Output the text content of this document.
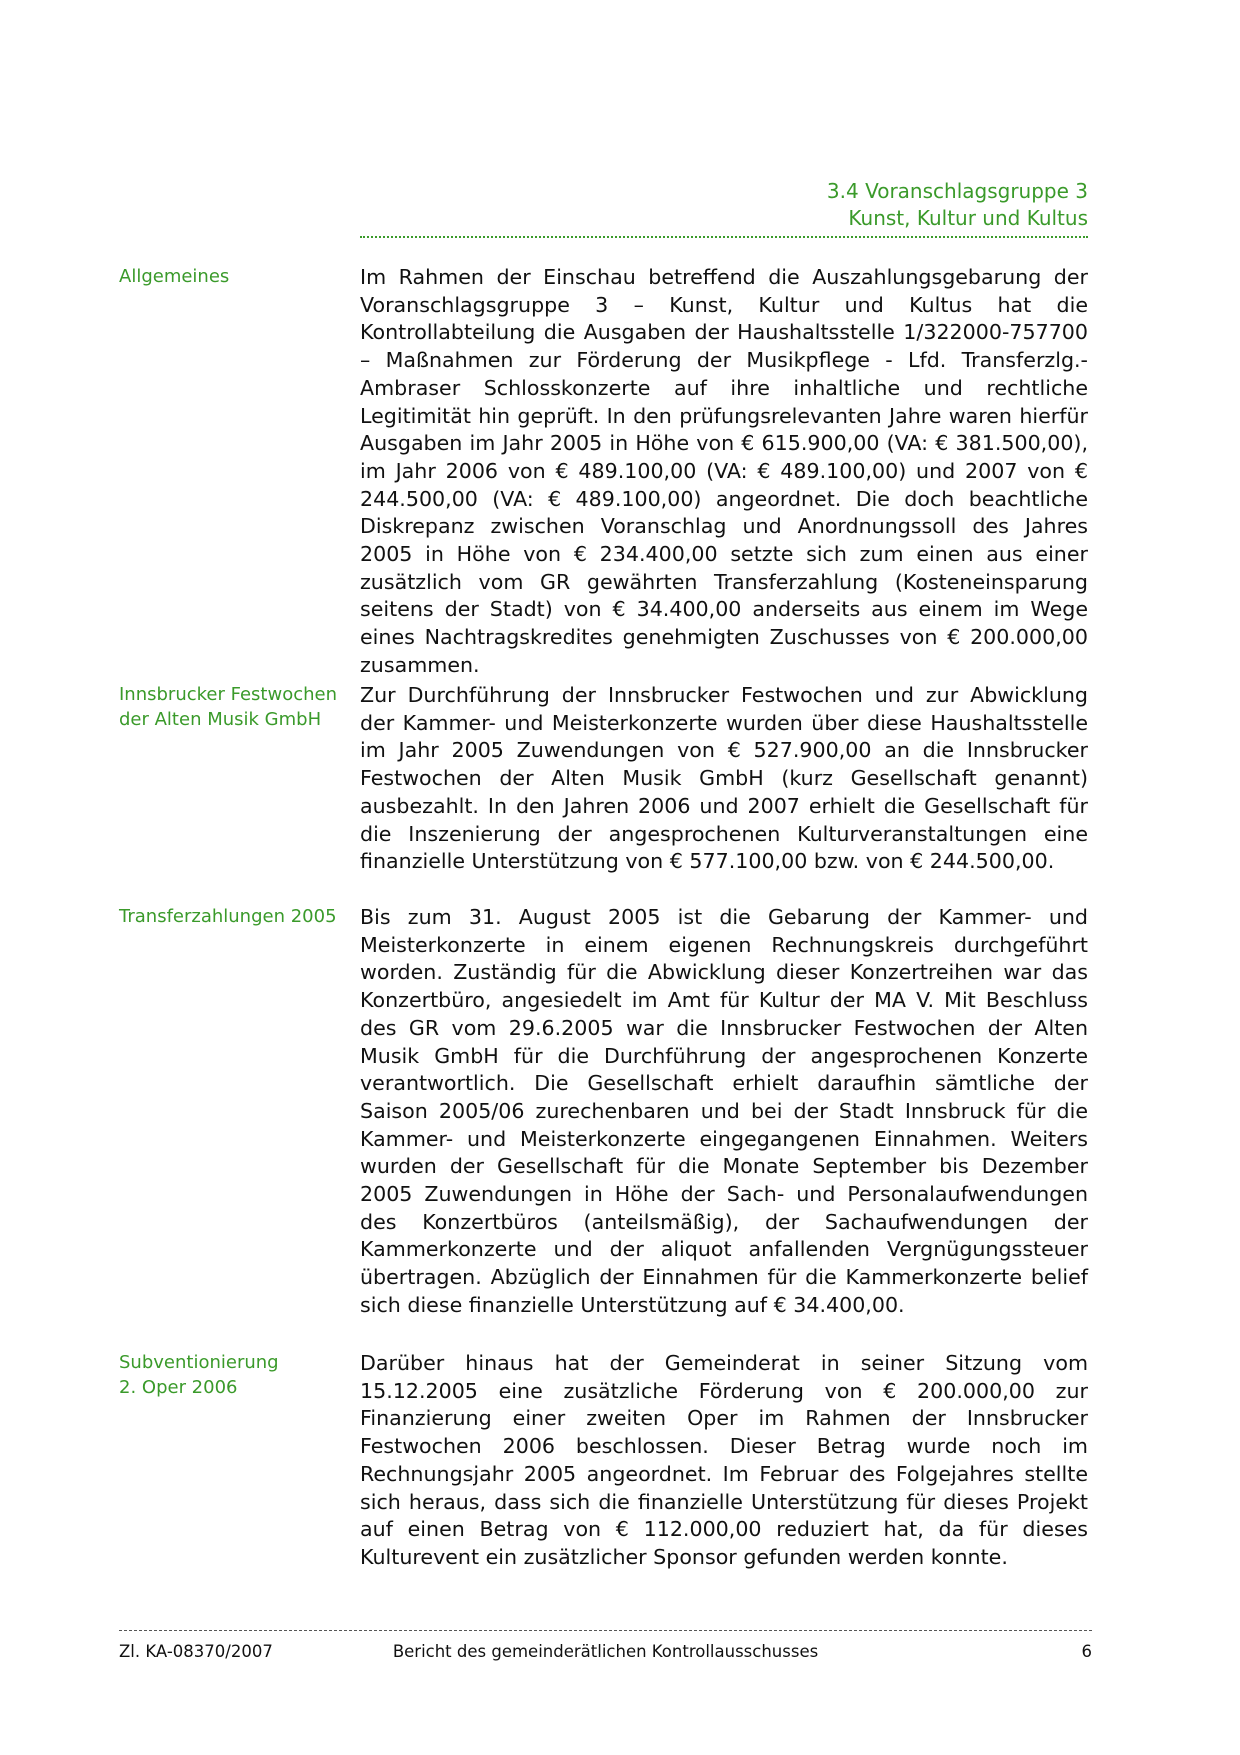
3.4 Voranschlagsgruppe 3
Kunst, Kultur und Kultus
Allgemeines	Im Rahmen der Einschau betreffend die Auszahlungsgebarung der Voranschlagsgruppe 3 – Kunst, Kultur und Kultus hat die Kontrollabteilung die Ausgaben der Haushaltsstelle 1/322000-757700 – Maßnahmen zur Förderung der Musikpflege - Lfd. Transferzlg.-Ambraser Schlosskonzerte auf ihre inhaltliche und rechtliche Legitimität hin geprüft. In den prüfungsrelevanten Jahre waren hierfür Ausgaben im Jahr 2005 in Höhe von € 615.900,00 (VA: € 381.500,00), im Jahr 2006 von € 489.100,00 (VA: € 489.100,00) und 2007 von € 244.500,00 (VA: € 489.100,00) angeordnet. Die doch beachtliche Diskrepanz zwischen Voranschlag und Anordnungssoll des Jahres 2005 in Höhe von € 234.400,00 setzte sich zum einen aus einer zusätzlich vom GR gewährten Transferzahlung (Kosteneinsparung seitens der Stadt) von € 34.400,00 anderseits aus einem im Wege eines Nachtragskredites genehmigten Zuschusses von € 200.000,00 zusammen.

Innsbrucker Festwochen
der Alten Musik GmbH

Zur Durchführung der Innsbrucker Festwochen und zur Abwicklung der Kammer- und Meisterkonzerte wurden über diese Haushaltsstelle im Jahr 2005 Zuwendungen von € 527.900,00 an die Innsbrucker Festwochen der Alten Musik GmbH (kurz Gesellschaft genannt) ausbezahlt. In den Jahren 2006 und 2007 erhielt die Gesellschaft für die Inszenierung der angesprochenen Kulturveranstaltungen eine finanzielle Unterstützung von € 577.100,00 bzw. von € 244.500,00.

Transferzahlungen 2005	Bis zum 31. August 2005 ist die Gebarung der Kammer- und Meisterkonzerte in einem eigenen Rechnungskreis durchgeführt worden. Zuständig für die Abwicklung dieser Konzertreihen war das Konzertbüro, angesiedelt im Amt für Kultur der MA V. Mit Beschluss des GR vom 29.6.2005 war die Innsbrucker Festwochen der Alten Musik GmbH für die Durchführung der angesprochenen Konzerte verantwortlich. Die Gesellschaft erhielt daraufhin sämtliche der Saison 2005/06 zurechenbaren und bei der Stadt Innsbruck für die Kammer- und Meisterkonzerte eingegangenen Einnahmen. Weiters wurden der Gesellschaft für die Monate September bis Dezember 2005 Zuwendungen in Höhe der Sach- und Personalaufwendungen des Konzertbüros (anteilsmäßig), der Sachaufwendungen der Kammerkonzerte und der aliquot anfallenden Vergnügungssteuer übertragen. Abzüglich der Einnahmen für die Kammerkonzerte belief sich diese finanzielle Unterstützung auf € 34.400,00.

Subventionierung
2. Oper 2006

Darüber hinaus hat der Gemeinderat in seiner Sitzung vom 15.12.2005 eine zusätzliche Förderung von € 200.000,00 zur Finanzierung einer zweiten Oper im Rahmen der Innsbrucker Festwochen 2006 beschlossen. Dieser Betrag wurde noch im Rechnungsjahr 2005 angeordnet. Im Februar des Folgejahres stellte sich heraus, dass sich die finanzielle Unterstützung für dieses Projekt auf einen Betrag von € 112.000,00 reduziert hat, da für dieses Kulturevent ein zusätzlicher Sponsor gefunden werden konnte.

Bericht des gemeinderätlichen Kontrollausschusses
Zl. KA-08370/2007	6
